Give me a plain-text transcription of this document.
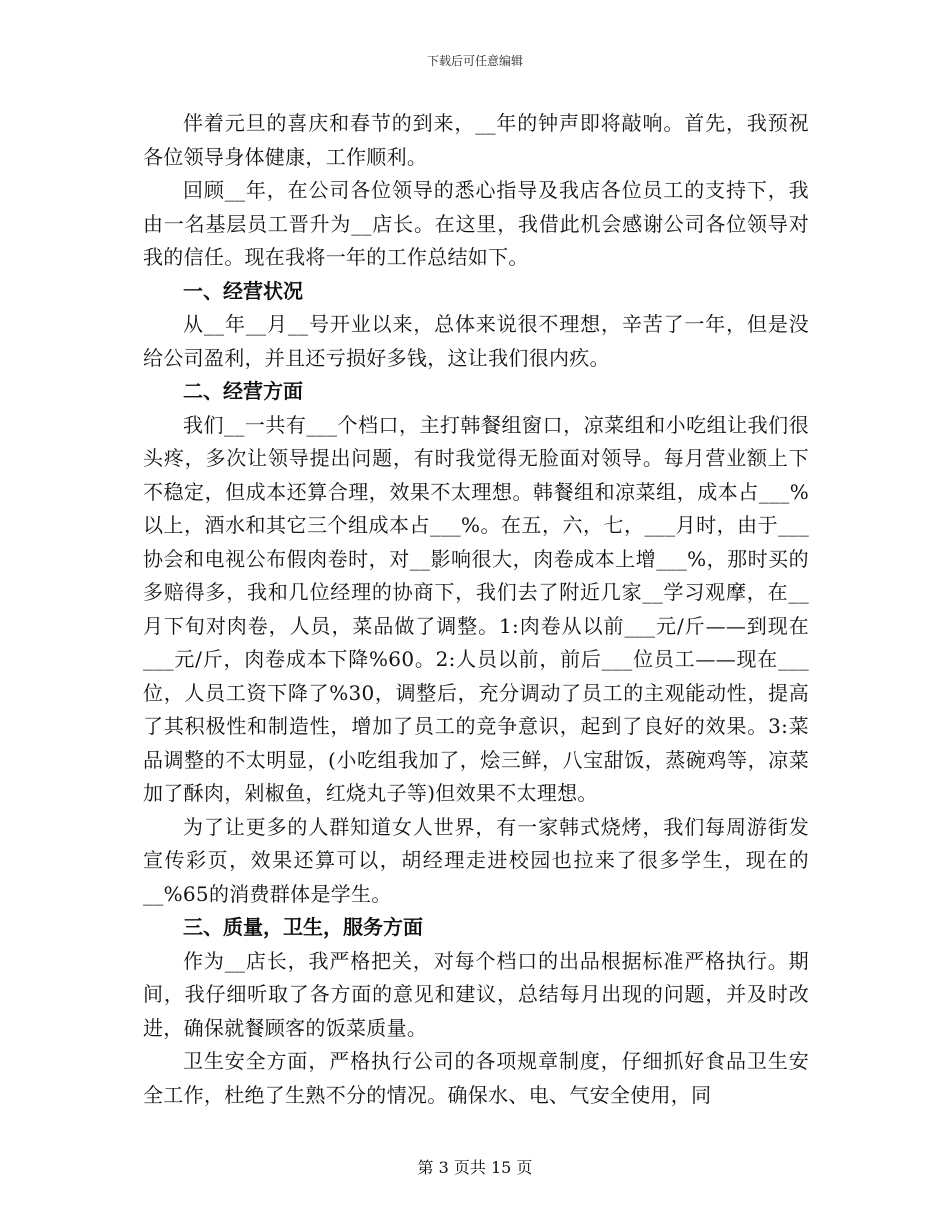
下载后可任意编辑

伴着元旦的喜庆和春节的到来，__年的钟声即将敲响。首先，我预祝各位领导身体健康，工作顺利。

回顾__年，在公司各位领导的悉心指导及我店各位员工的支持下，我由一名基层员工晋升为__店长。在这里，我借此机会感谢公司各位领导对我的信任。现在我将一年的工作总结如下。

一、经营状况

从__年__月__号开业以来，总体来说很不理想，辛苦了一年，但是没给公司盈利，并且还亏损好多钱，这让我们很内疚。

二、经营方面

我们__一共有___个档口，主打韩餐组窗口，凉菜组和小吃组让我们很头疼，多次让领导提出问题，有时我觉得无脸面对领导。每月营业额上下不稳定，但成本还算合理，效果不太理想。韩餐组和凉菜组，成本占___%以上，酒水和其它三个组成本占___%。在五，六，七，___月时，由于___协会和电视公布假肉卷时，对__影响很大，肉卷成本上增___%，那时买的多赔得多，我和几位经理的协商下，我们去了附近几家__学习观摩，在__月下旬对肉卷，人员，菜品做了调整。1:肉卷从以前___元/斤——到现在___元/斤，肉卷成本下降%60。2:人员以前，前后___位员工——现在___位，人员工资下降了%30，调整后，充分调动了员工的主观能动性，提高了其积极性和制造性，增加了员工的竞争意识，起到了良好的效果。3:菜品调整的不太明显，(小吃组我加了，烩三鲜，八宝甜饭，蒸碗鸡等，凉菜加了酥肉，剁椒鱼，红烧丸子等)但效果不太理想。

为了让更多的人群知道女人世界，有一家韩式烧烤，我们每周游街发宣传彩页，效果还算可以，胡经理走进校园也拉来了很多学生，现在的__%65的消费群体是学生。

三、质量，卫生，服务方面

作为__店长，我严格把关，对每个档口的出品根据标准严格执行。期间，我仔细听取了各方面的意见和建议，总结每月出现的问题，并及时改进，确保就餐顾客的饭菜质量。

卫生安全方面，严格执行公司的各项规章制度，仔细抓好食品卫生安全工作，杜绝了生熟不分的情况。确保水、电、气安全使用，同

第 3 页共 15 页
